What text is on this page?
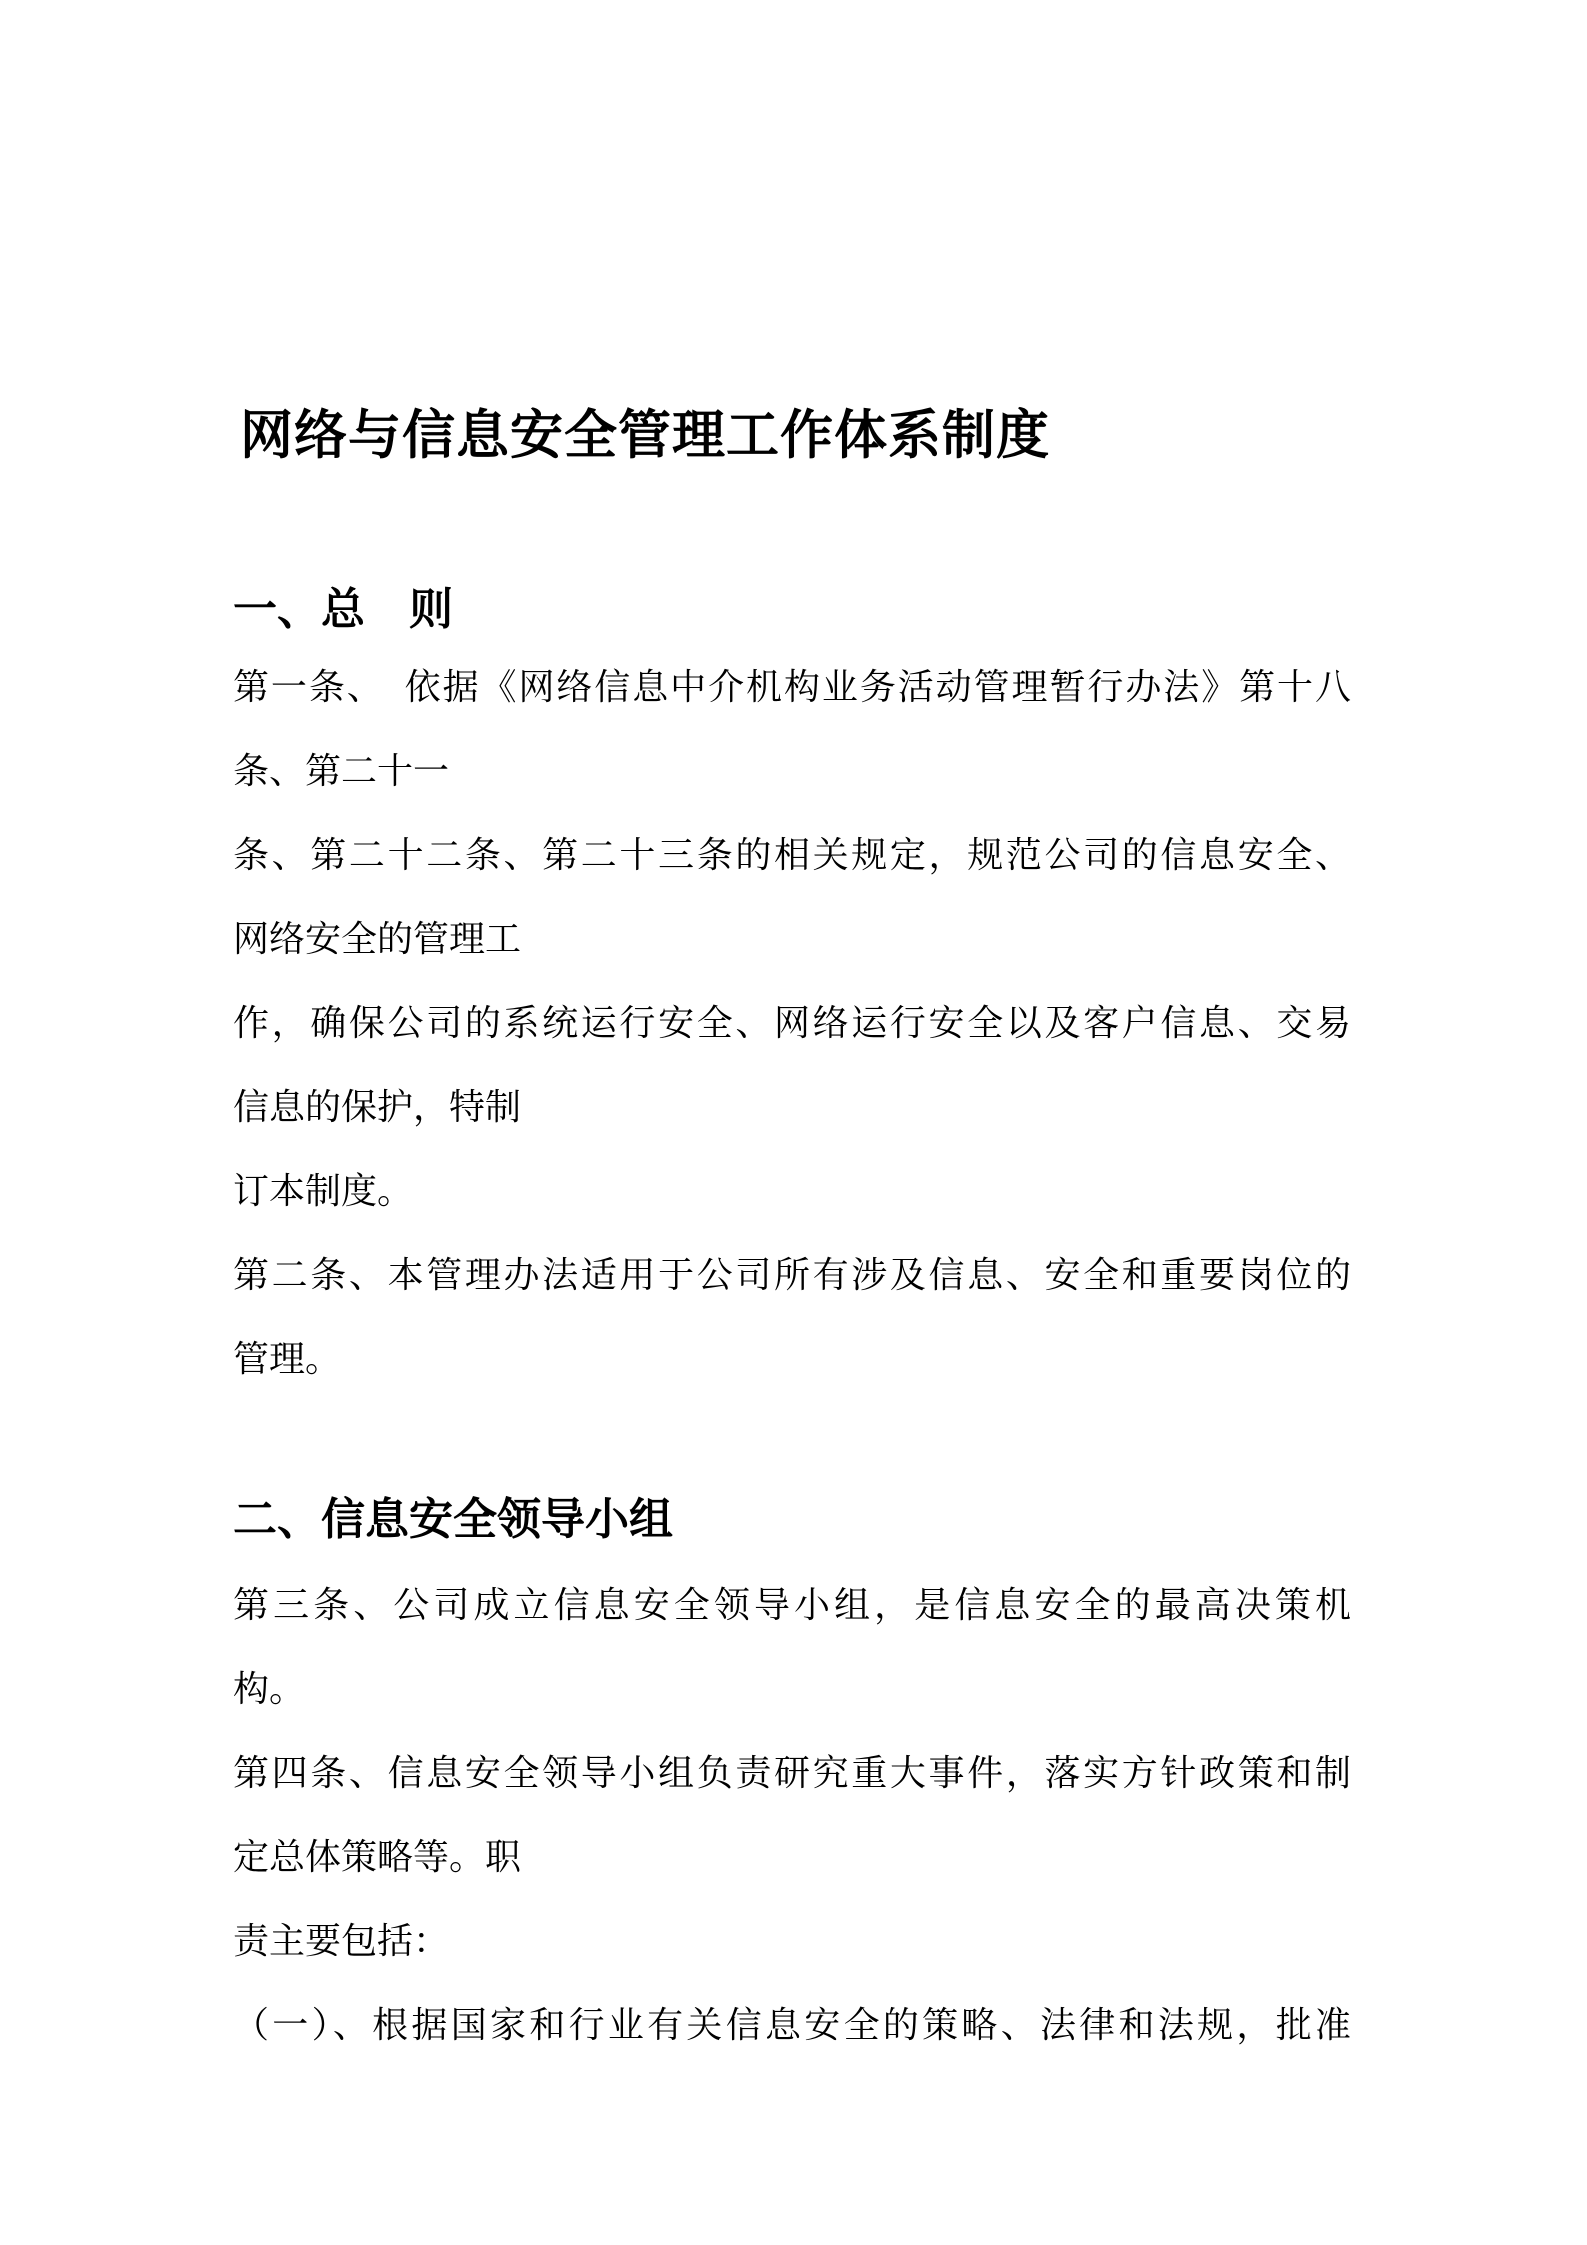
网络与信息安全管理工作体系制度
一、总　则
第一条、　依据《网络信息中介机构业务活动管理暂行办法》第十八
条、第二十一
条、第二十二条、第二十三条的相关规定，规范公司的信息安全、
网络安全的管理工
作，确保公司的系统运行安全、网络运行安全以及客户信息、交易
信息的保护，特制
订本制度。
第二条、本管理办法适用于公司所有涉及信息、安全和重要岗位的
管理。
二、信息安全领导小组
第三条、公司成立信息安全领导小组，是信息安全的最高决策机
构。
第四条、信息安全领导小组负责研究重大事件，落实方针政策和制
定总体策略等。职
责主要包括：
（一）、根据国家和行业有关信息安全的策略、法律和法规，批准
